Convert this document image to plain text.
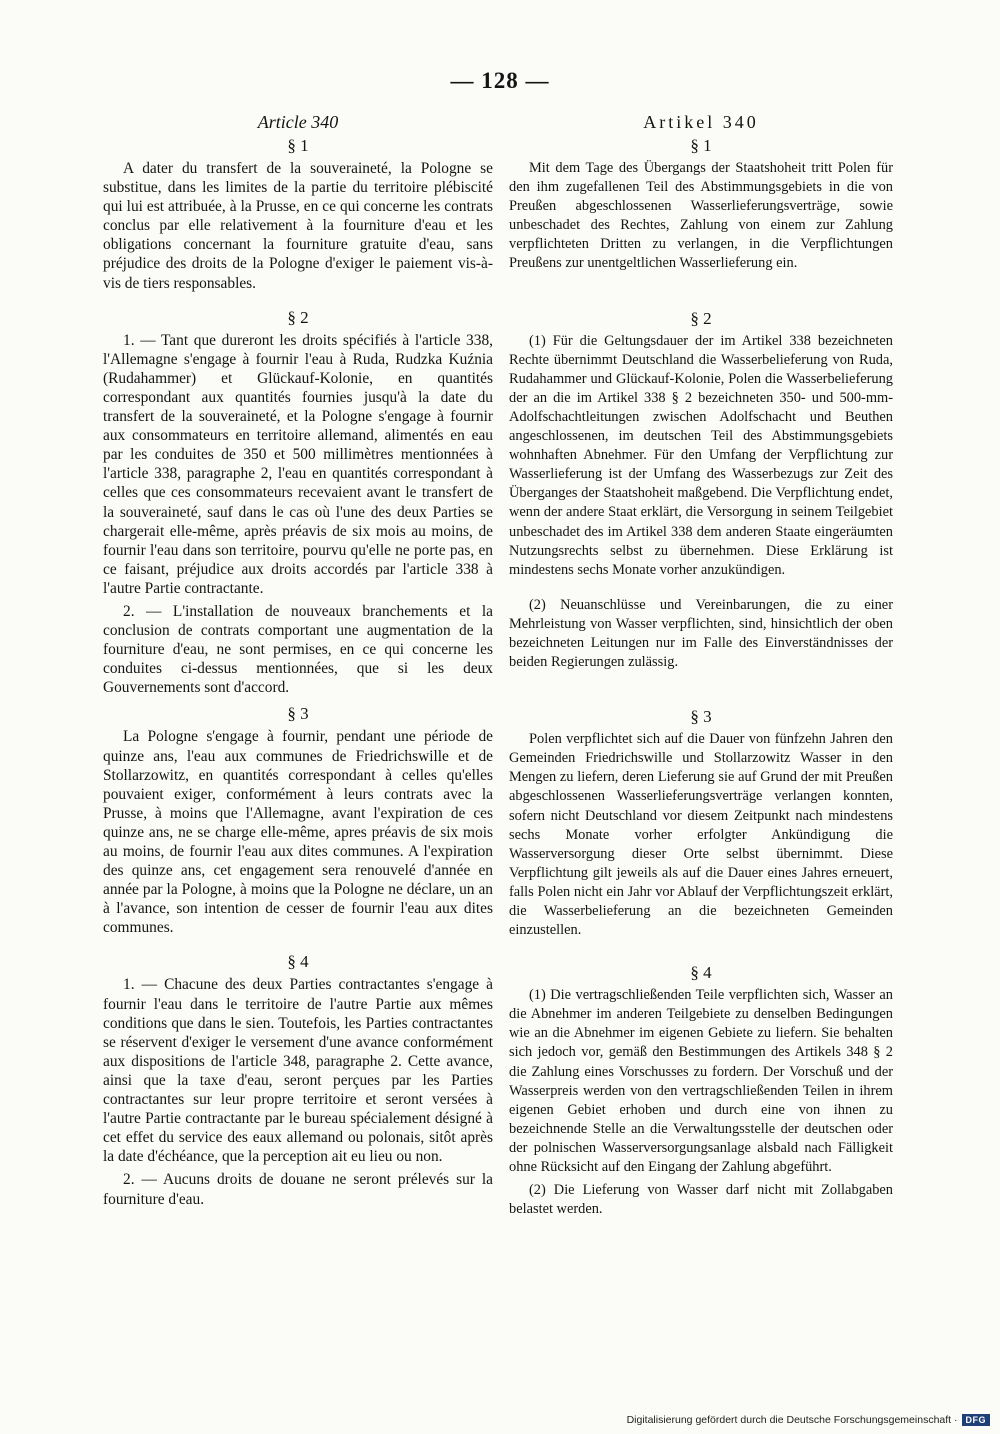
— 128 —
Article 340
§ 1

A dater du transfert de la souveraineté, la Pologne se substitue, dans les limites de la partie du territoire plébiscité qui lui est attribuée, à la Prusse, en ce qui concerne les contrats conclus par elle relativement à la fourniture d'eau et les obligations concernant la fourniture gratuite d'eau, sans préjudice des droits de la Pologne d'exiger le paiement vis-à-vis de tiers responsables.

§ 2

1. — Tant que dureront les droits spécifiés à l'article 338, l'Allemagne s'engage à fournir l'eau à Ruda, Rudzka Kuźnia (Rudahammer) et Glückauf-Kolonie, en quantités correspondant aux quantités fournies jusqu'à la date du transfert de la souveraineté, et la Pologne s'engage à fournir aux consommateurs en territoire allemand, alimentés en eau par les conduites de 350 et 500 millimètres mentionnées à l'article 338, paragraphe 2, l'eau en quantités correspondant à celles que ces consommateurs recevaient avant le transfert de la souveraineté, sauf dans le cas où l'une des deux Parties se chargerait elle-même, après préavis de six mois au moins, de fournir l'eau dans son territoire, pourvu qu'elle ne porte pas, en ce faisant, préjudice aux droits accordés par l'article 338 à l'autre Partie contractante.

2. — L'installation de nouveaux branchements et la conclusion de contrats comportant une augmentation de la fourniture d'eau, ne sont permises, en ce qui concerne les conduites ci-dessus mentionnées, que si les deux Gouvernements sont d'accord.

§ 3

La Pologne s'engage à fournir, pendant une période de quinze ans, l'eau aux communes de Friedrichswille et de Stollarzowitz, en quantités correspondant à celles qu'elles pouvaient exiger, conformément à leurs contrats avec la Prusse, à moins que l'Allemagne, avant l'expiration de ces quinze ans, ne se charge elle-même, apres préavis de six mois au moins, de fournir l'eau aux dites communes. A l'expiration des quinze ans, cet engagement sera renouvelé d'année en année par la Pologne, à moins que la Pologne ne déclare, un an à l'avance, son intention de cesser de fournir l'eau aux dites communes.

§ 4

1. — Chacune des deux Parties contractantes s'engage à fournir l'eau dans le territoire de l'autre Partie aux mêmes conditions que dans le sien. Toutefois, les Parties contractantes se réservent d'exiger le versement d'une avance conformément aux dispositions de l'article 348, paragraphe 2. Cette avance, ainsi que la taxe d'eau, seront perçues par les Parties contractantes sur leur propre territoire et seront versées à l'autre Partie contractante par le bureau spécialement désigné à cet effet du service des eaux allemand ou polonais, sitôt après la date d'échéance, que la perception ait eu lieu ou non.

2. — Aucuns droits de douane ne seront prélevés sur la fourniture d'eau.

Artikel 340
§ 1

Mit dem Tage des Übergangs der Staatshoheit tritt Polen für den ihm zugefallenen Teil des Abstimmungsgebiets in die von Preußen abgeschlossenen Wasserlieferungsverträge, sowie unbeschadet des Rechtes, Zahlung von einem zur Zahlung verpflichteten Dritten zu verlangen, in die Verpflichtungen Preußens zur unentgeltlichen Wasserlieferung ein.

§ 2

(1) Für die Geltungsdauer der im Artikel 338 bezeichneten Rechte übernimmt Deutschland die Wasserbelieferung von Ruda, Rudahammer und Glückauf-Kolonie, Polen die Wasserbelieferung der an die im Artikel 338 § 2 bezeichneten 350- und 500-mm-Adolfschachtleitungen zwischen Adolfschacht und Beuthen angeschlossenen, im deutschen Teil des Abstimmungsgebiets wohnhaften Abnehmer. Für den Umfang der Verpflichtung zur Wasserlieferung ist der Umfang des Wasserbezugs zur Zeit des Überganges der Staatshoheit maßgebend. Die Verpflichtung endet, wenn der andere Staat erklärt, die Versorgung in seinem Teilgebiet unbeschadet des im Artikel 338 dem anderen Staate eingeräumten Nutzungsrechts selbst zu übernehmen. Diese Erklärung ist mindestens sechs Monate vorher anzukündigen.

(2) Neuanschlüsse und Vereinbarungen, die zu einer Mehrleistung von Wasser verpflichten, sind, hinsichtlich der oben bezeichneten Leitungen nur im Falle des Einverständnisses der beiden Regierungen zulässig.

§ 3

Polen verpflichtet sich auf die Dauer von fünfzehn Jahren den Gemeinden Friedrichswille und Stollarzowitz Wasser in den Mengen zu liefern, deren Lieferung sie auf Grund der mit Preußen abgeschlossenen Wasserlieferungsverträge verlangen konnten, sofern nicht Deutschland vor diesem Zeitpunkt nach mindestens sechs Monate vorher erfolgter Ankündigung die Wasserversorgung dieser Orte selbst übernimmt. Diese Verpflichtung gilt jeweils als auf die Dauer eines Jahres erneuert, falls Polen nicht ein Jahr vor Ablauf der Verpflichtungszeit erklärt, die Wasserbelieferung an die bezeichneten Gemeinden einzustellen.

§ 4

(1) Die vertragschließenden Teile verpflichten sich, Wasser an die Abnehmer im anderen Teilgebiete zu denselben Bedingungen wie an die Abnehmer im eigenen Gebiete zu liefern. Sie behalten sich jedoch vor, gemäß den Bestimmungen des Artikels 348 § 2 die Zahlung eines Vorschusses zu fordern. Der Vorschuß und der Wasserpreis werden von den vertragschließenden Teilen in ihrem eigenen Gebiet erhoben und durch eine von ihnen zu bezeichnende Stelle an die Verwaltungsstelle der deutschen oder der polnischen Wasserversorgungsanlage alsbald nach Fälligkeit ohne Rücksicht auf den Eingang der Zahlung abgeführt.

(2) Die Lieferung von Wasser darf nicht mit Zollabgaben belastet werden.

Digitalisierung gefördert durch die Deutsche Forschungsgemeinschaft · DFG
